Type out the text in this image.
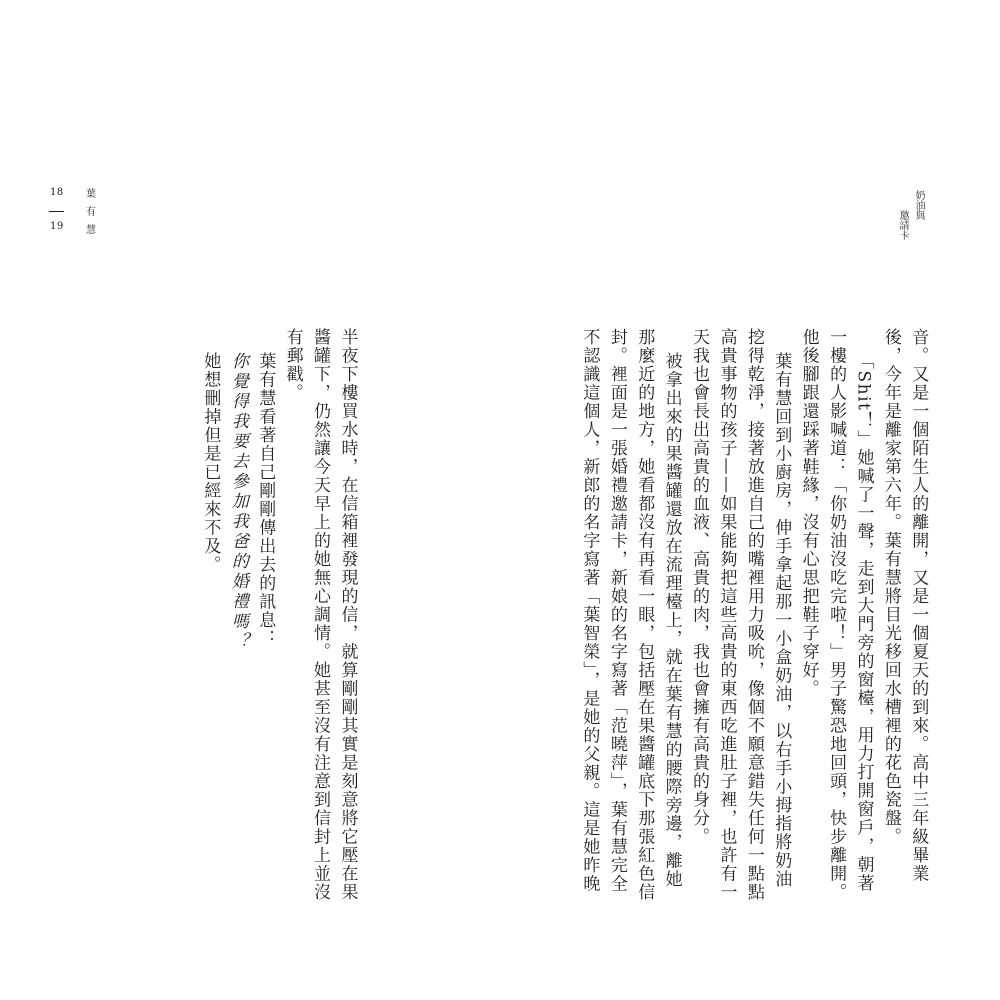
18
19
葉
有
慧
奶油與
邀請卡
音。又是一個陌生人的離開，又是一個夏天的到來。高中三年級畢業
後，今年是離家第六年。葉有慧將目光移回水槽裡的花色瓷盤。
「Shit！」她喊了一聲，走到大門旁的窗檯，用力打開窗戶，朝著
一樓的人影喊道：「你奶油沒吃完啦！」男子驚恐地回頭，快步離開。
他後腳跟還踩著鞋緣，沒有心思把鞋子穿好。
葉有慧回到小廚房，伸手拿起那一小盒奶油，以右手小拇指將奶油
挖得乾淨，接著放進自己的嘴裡用力吸吮，像個不願意錯失任何一點點
高貴事物的孩子——如果能夠把這些高貴的東西吃進肚子裡，也許有一
天我也會長出高貴的血液、高貴的肉，我也會擁有高貴的身分。
被拿出來的果醬罐還放在流理檯上，就在葉有慧的腰際旁邊，離她
那麼近的地方，她看都沒有再看一眼，包括壓在果醬罐底下那張紅色信
封。裡面是一張婚禮邀請卡，新娘的名字寫著「范曉萍」，葉有慧完全
不認識這個人，新郎的名字寫著「葉智榮」，是她的父親。這是她昨晚
半夜下樓買水時，在信箱裡發現的信，就算剛剛其實是刻意將它壓在果
醬罐下，仍然讓今天早上的她無心調情。她甚至沒有注意到信封上並沒
有郵戳。
葉有慧看著自己剛剛傳出去的訊息：
你覺得我要去參加我爸的婚禮嗎？
她想刪掉但是已經來不及。
